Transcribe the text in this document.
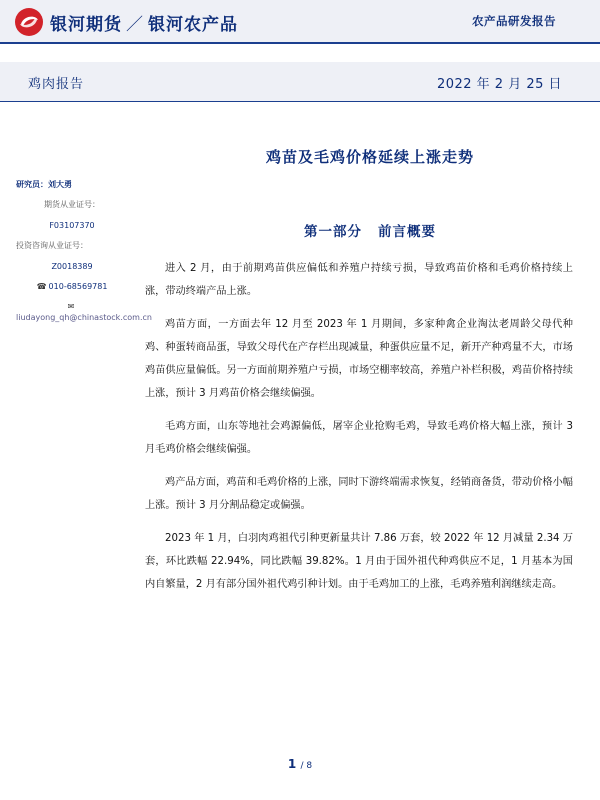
银河期货 ／ 银河农产品	农产品研发报告
鸡肉报告	2022 年 2 月 25 日
鸡苗及毛鸡价格延续上涨走势
研究员：刘大勇
期货从业证号：
F03107370
投资咨询从业证号：
Z0018389
☎ 010-68569781
✉liudayong_qh@chinastock.com.cn
第一部分 前言概要

进入 2 月，由于前期鸡苗供应偏低和养殖户持续亏损，导致鸡苗价格和毛鸡价格持续上涨，带动终端产品上涨。

鸡苗方面，一方面去年 12 月至 2023 年 1 月期间，多家种禽企业淘汰老周龄父母代种鸡、种蛋转商品蛋，导致父母代在产存栏出现减量，种蛋供应量不足，新开产种鸡量不大，市场鸡苗供应量偏低。另一方面前期养殖户亏损，市场空棚率较高，养殖户补栏积极，鸡苗价格持续上涨，预计 3 月鸡苗价格会继续偏强。

毛鸡方面，山东等地社会鸡源偏低，屠宰企业抢购毛鸡，导致毛鸡价格大幅上涨，预计 3 月毛鸡价格会继续偏强。

鸡产品方面，鸡苗和毛鸡价格的上涨，同时下游终端需求恢复，经销商备货，带动价格小幅上涨。预计 3 月分割品稳定或偏强。

2023 年 1 月，白羽肉鸡祖代引种更新量共计 7.86 万套，较 2022 年 12 月减量 2.34 万套，环比跌幅 22.94%，同比跌幅 39.82%。1 月由于国外祖代种鸡供应不足，1 月基本为国内自繁量，2 月有部分国外祖代鸡引种计划。由于毛鸡加工的上涨，毛鸡养殖利润继续走高。

1 / 8
